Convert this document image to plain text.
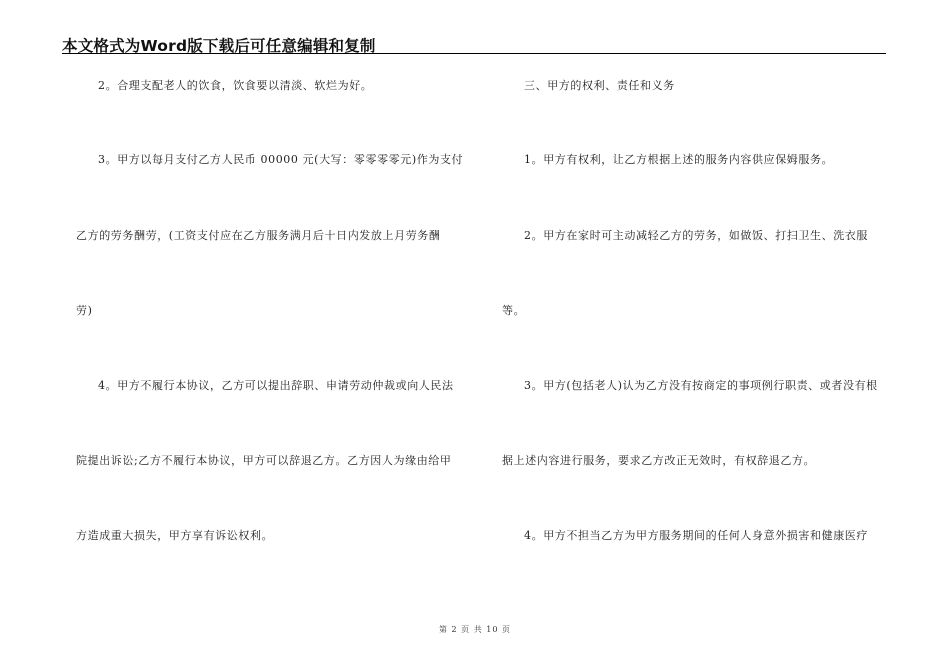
本文格式为Word版下载后可任意编辑和复制
2。合理支配老人的饮食，饮食要以清淡、软烂为好。
3。甲方以每月支付乙方人民币 00000 元(大写：零零零零元)作为支付
乙方的劳务酬劳，(工资支付应在乙方服务满月后十日内发放上月劳务酬
劳)
4。甲方不履行本协议，乙方可以提出辞职、申请劳动仲裁或向人民法
院提出诉讼;乙方不履行本协议，甲方可以辞退乙方。乙方因人为缘由给甲
方造成重大损失，甲方享有诉讼权利。
三、甲方的权利、责任和义务
1。甲方有权利，让乙方根据上述的服务内容供应保姆服务。
2。甲方在家时可主动减轻乙方的劳务，如做饭、打扫卫生、洗衣服
等。
3。甲方(包括老人)认为乙方没有按商定的事项例行职责、或者没有根
据上述内容进行服务，要求乙方改正无效时，有权辞退乙方。
4。甲方不担当乙方为甲方服务期间的任何人身意外损害和健康医疗
第 2 页 共 10 页
